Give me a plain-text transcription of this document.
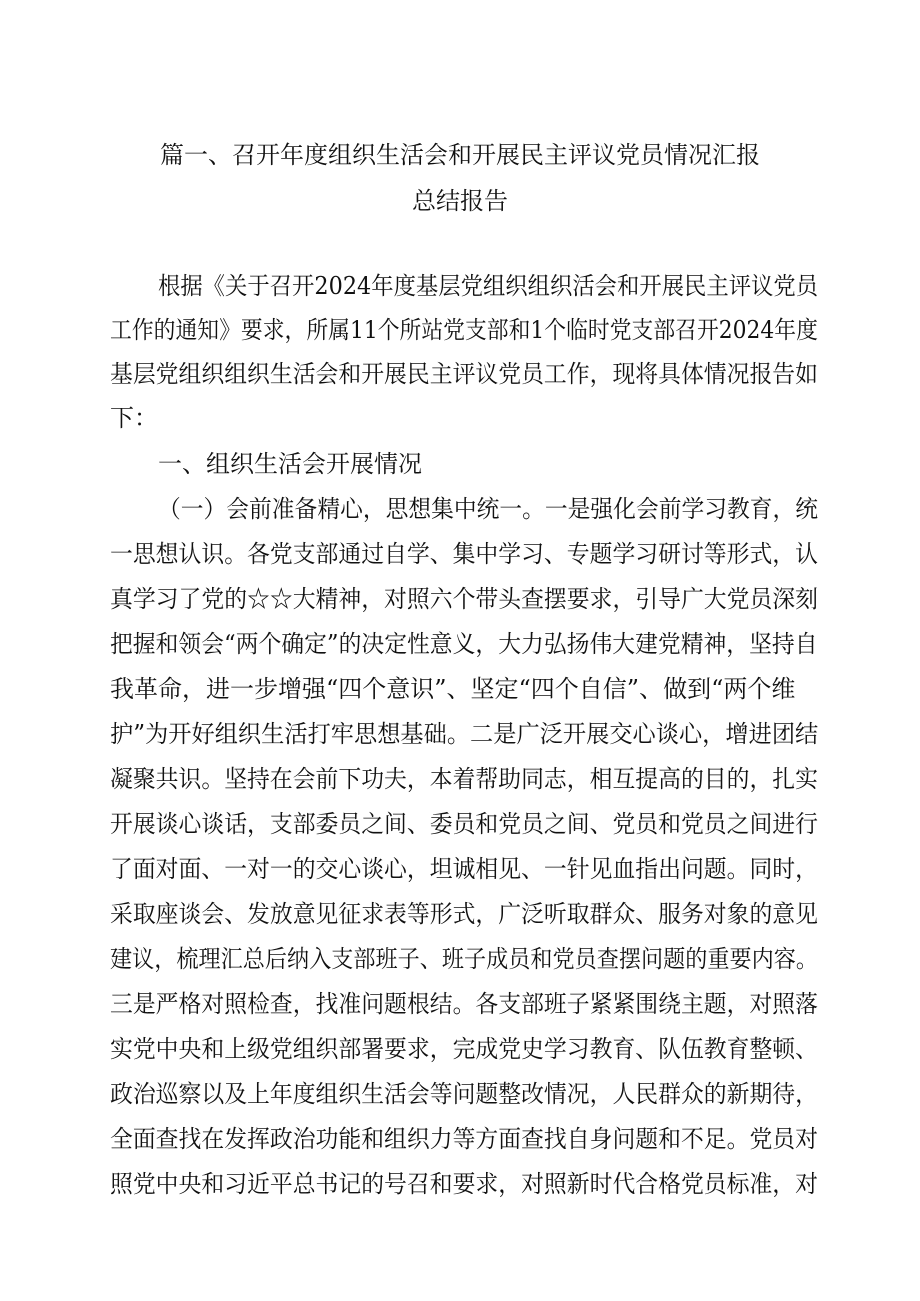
篇一、召开年度组织生活会和开展民主评议党员情况汇报
总结报告
根据《关于召开2024年度基层党组织组织活会和开展民主评议党员
工作的通知》要求，所属11个所站党支部和1个临时党支部召开2024年度
基层党组织组织生活会和开展民主评议党员工作，现将具体情况报告如
下：
一、组织生活会开展情况
（一）会前准备精心，思想集中统一。一是强化会前学习教育，统
一思想认识。各党支部通过自学、集中学习、专题学习研讨等形式，认
真学习了党的☆☆大精神，对照六个带头查摆要求，引导广大党员深刻
把握和领会“两个确定”的决定性意义，大力弘扬伟大建党精神，坚持自
我革命，进一步增强“四个意识”、坚定“四个自信”、做到“两个维
护”为开好组织生活打牢思想基础。二是广泛开展交心谈心，增进团结
凝聚共识。坚持在会前下功夫，本着帮助同志，相互提高的目的，扎实
开展谈心谈话，支部委员之间、委员和党员之间、党员和党员之间进行
了面对面、一对一的交心谈心，坦诚相见、一针见血指出问题。同时，
采取座谈会、发放意见征求表等形式，广泛听取群众、服务对象的意见
建议，梳理汇总后纳入支部班子、班子成员和党员查摆问题的重要内容。
三是严格对照检查，找准问题根结。各支部班子紧紧围绕主题，对照落
实党中央和上级党组织部署要求，完成党史学习教育、队伍教育整顿、
政治巡察以及上年度组织生活会等问题整改情况，人民群众的新期待，
全面查找在发挥政治功能和组织力等方面查找自身问题和不足。党员对
照党中央和习近平总书记的号召和要求，对照新时代合格党员标准，对
